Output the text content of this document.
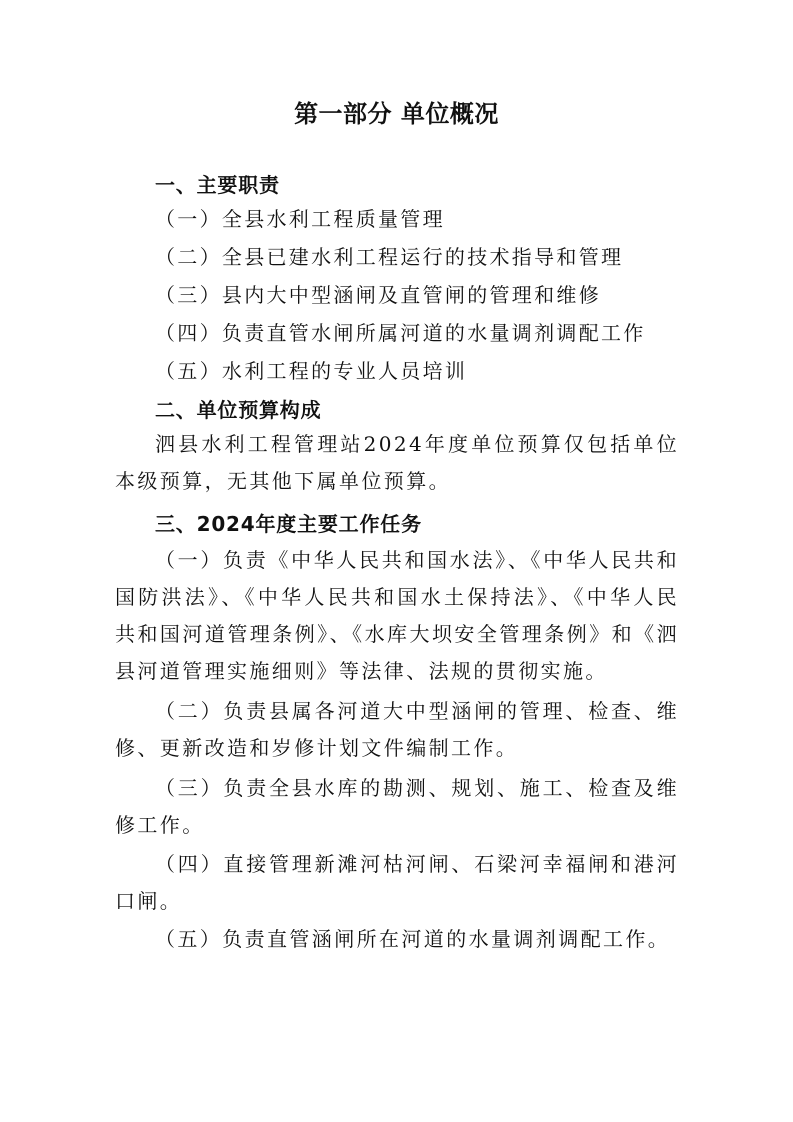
第一部分 单位概况
一、主要职责
（一）全县水利工程质量管理
（二）全县已建水利工程运行的技术指导和管理
（三）县内大中型涵闸及直管闸的管理和维修
（四）负责直管水闸所属河道的水量调剂调配工作
（五）水利工程的专业人员培训
二、单位预算构成
泗县水利工程管理站2024年度单位预算仅包括单位本级预算，无其他下属单位预算。
三、2024年度主要工作任务
（一）负责《中华人民共和国水法》、《中华人民共和国防洪法》、《中华人民共和国水土保持法》、《中华人民共和国河道管理条例》、《水库大坝安全管理条例》和《泗县河道管理实施细则》等法律、法规的贯彻实施。
（二）负责县属各河道大中型涵闸的管理、检查、维修、更新改造和岁修计划文件编制工作。
（三）负责全县水库的勘测、规划、施工、检查及维修工作。
（四）直接管理新滩河枯河闸、石梁河幸福闸和港河口闸。
（五）负责直管涵闸所在河道的水量调剂调配工作。
